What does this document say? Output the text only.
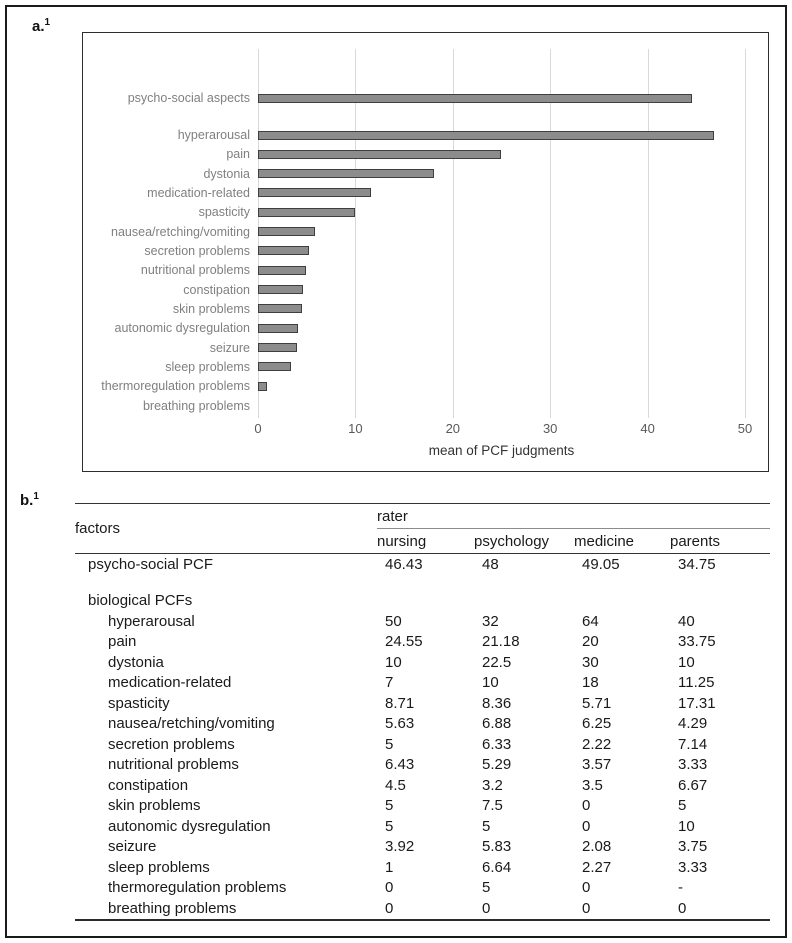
a.$^1$
mean of PCF judgments
0	10	20	30	40	50
psycho-social aspects
hyperarousal
pain
dystonia
medication-related
spasticity
nausea/retching/vomiting
secretion problems
nutritional problems
constipation
skin problems
autonomic dysregulation
seizure
sleep problems
thermoregulation problems
breathing problems
b.$^1$
factors	rater			
	nursing	psychology	medicine	parents
psycho-social PCF	46.43	48	49.05	34.75

biological PCFs				
hyperarousal	50	32	64	40
pain	24.55	21.18	20	33.75
dystonia	10	22.5	30	10
medication-related	7	10	18	11.25
spasticity	8.71	8.36	5.71	17.31
nausea/retching/vomiting	5.63	6.88	6.25	4.29
secretion problems	5	6.33	2.22	7.14
nutritional problems	6.43	5.29	3.57	3.33
constipation	4.5	3.2	3.5	6.67
skin problems	5	7.5	0	5
autonomic dysregulation	5	5	0	10
seizure	3.92	5.83	2.08	3.75
sleep problems	1	6.64	2.27	3.33
thermoregulation problems	0	5	0	-
breathing problems	0	0	0	0
